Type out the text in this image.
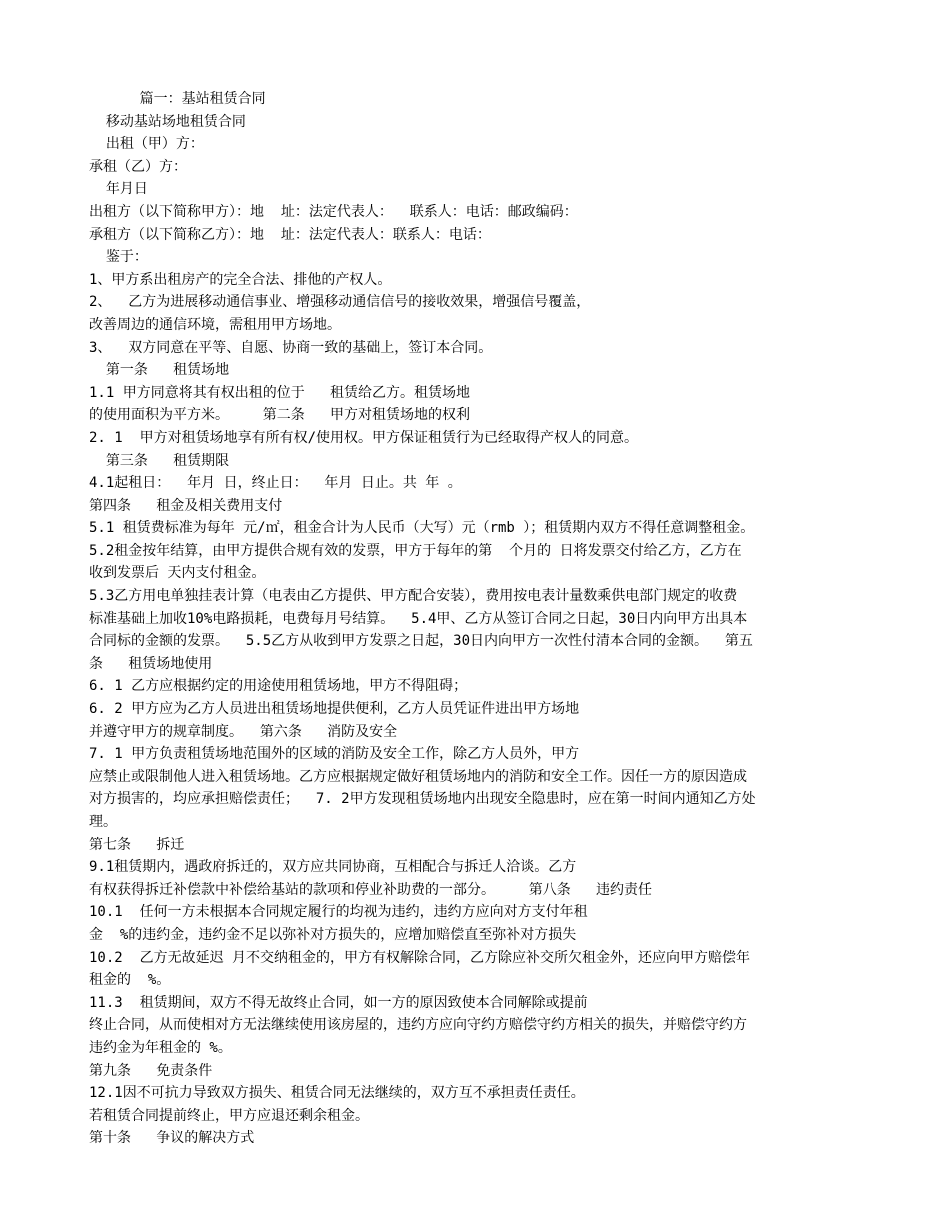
篇一：基站租赁合同
移动基站场地租赁合同
出租（甲）方：
承租（乙）方：
年月日
出租方（以下简称甲方）：地  址：法定代表人：  联系人：电话：邮政编码：
承租方（以下简称乙方）：地  址：法定代表人：联系人：电话：
鉴于：
1、甲方系出租房产的完全合法、排他的产权人。
2、  乙方为进展移动通信事业、增强移动通信信号的接收效果，增强信号覆盖，
改善周边的通信环境，需租用甲方场地。
3、  双方同意在平等、自愿、协商一致的基础上，签订本合同。
第一条   租赁场地
1.1 甲方同意将其有权出租的位于   租赁给乙方。租赁场地
的使用面积为平方米。    第二条   甲方对租赁场地的权利
2. 1  甲方对租赁场地享有所有权/使用权。甲方保证租赁行为已经取得产权人的同意。
第三条   租赁期限
4.1起租日：  年月 日，终止日：  年月 日止。共 年 。
第四条   租金及相关费用支付
5.1 租赁费标准为每年 元/㎡，租金合计为人民币（大写）元（rmb ）；租赁期内双方不得任意调整租金。
5.2租金按年结算，由甲方提供合规有效的发票，甲方于每年的第  个月的 日将发票交付给乙方，乙方在
收到发票后 天内支付租金。
5.3乙方用电单独挂表计算（电表由乙方提供、甲方配合安装），费用按电表计量数乘供电部门规定的收费
标准基础上加收10%电路损耗，电费每月号结算。  5.4甲、乙方从签订合同之日起，30日内向甲方出具本
合同标的金额的发票。  5.5乙方从收到甲方发票之日起，30日内向甲方一次性付清本合同的金额。  第五
条   租赁场地使用
6. 1 乙方应根据约定的用途使用租赁场地，甲方不得阻碍；
6. 2 甲方应为乙方人员进出租赁场地提供便利，乙方人员凭证件进出甲方场地
并遵守甲方的规章制度。  第六条   消防及安全
7. 1 甲方负责租赁场地范围外的区域的消防及安全工作，除乙方人员外，甲方
应禁止或限制他人进入租赁场地。乙方应根据规定做好租赁场地内的消防和安全工作。因任一方的原因造成
对方损害的，均应承担赔偿责任；  7. 2甲方发现租赁场地内出现安全隐患时，应在第一时间内通知乙方处
理。
第七条   拆迁
9.1租赁期内，遇政府拆迁的，双方应共同协商，互相配合与拆迁人洽谈。乙方
有权获得拆迁补偿款中补偿给基站的款项和停业补助费的一部分。    第八条   违约责任
10.1  任何一方未根据本合同规定履行的均视为违约，违约方应向对方支付年租
金  %的违约金，违约金不足以弥补对方损失的，应增加赔偿直至弥补对方损失
10.2  乙方无故延迟 月不交纳租金的，甲方有权解除合同，乙方除应补交所欠租金外，还应向甲方赔偿年
租金的  %。
11.3  租赁期间，双方不得无故终止合同，如一方的原因致使本合同解除或提前
终止合同，从而使相对方无法继续使用该房屋的，违约方应向守约方赔偿守约方相关的损失，并赔偿守约方
违约金为年租金的 %。
第九条   免责条件
12.1因不可抗力导致双方损失、租赁合同无法继续的，双方互不承担责任责任。
若租赁合同提前终止，甲方应退还剩余租金。
第十条   争议的解决方式
